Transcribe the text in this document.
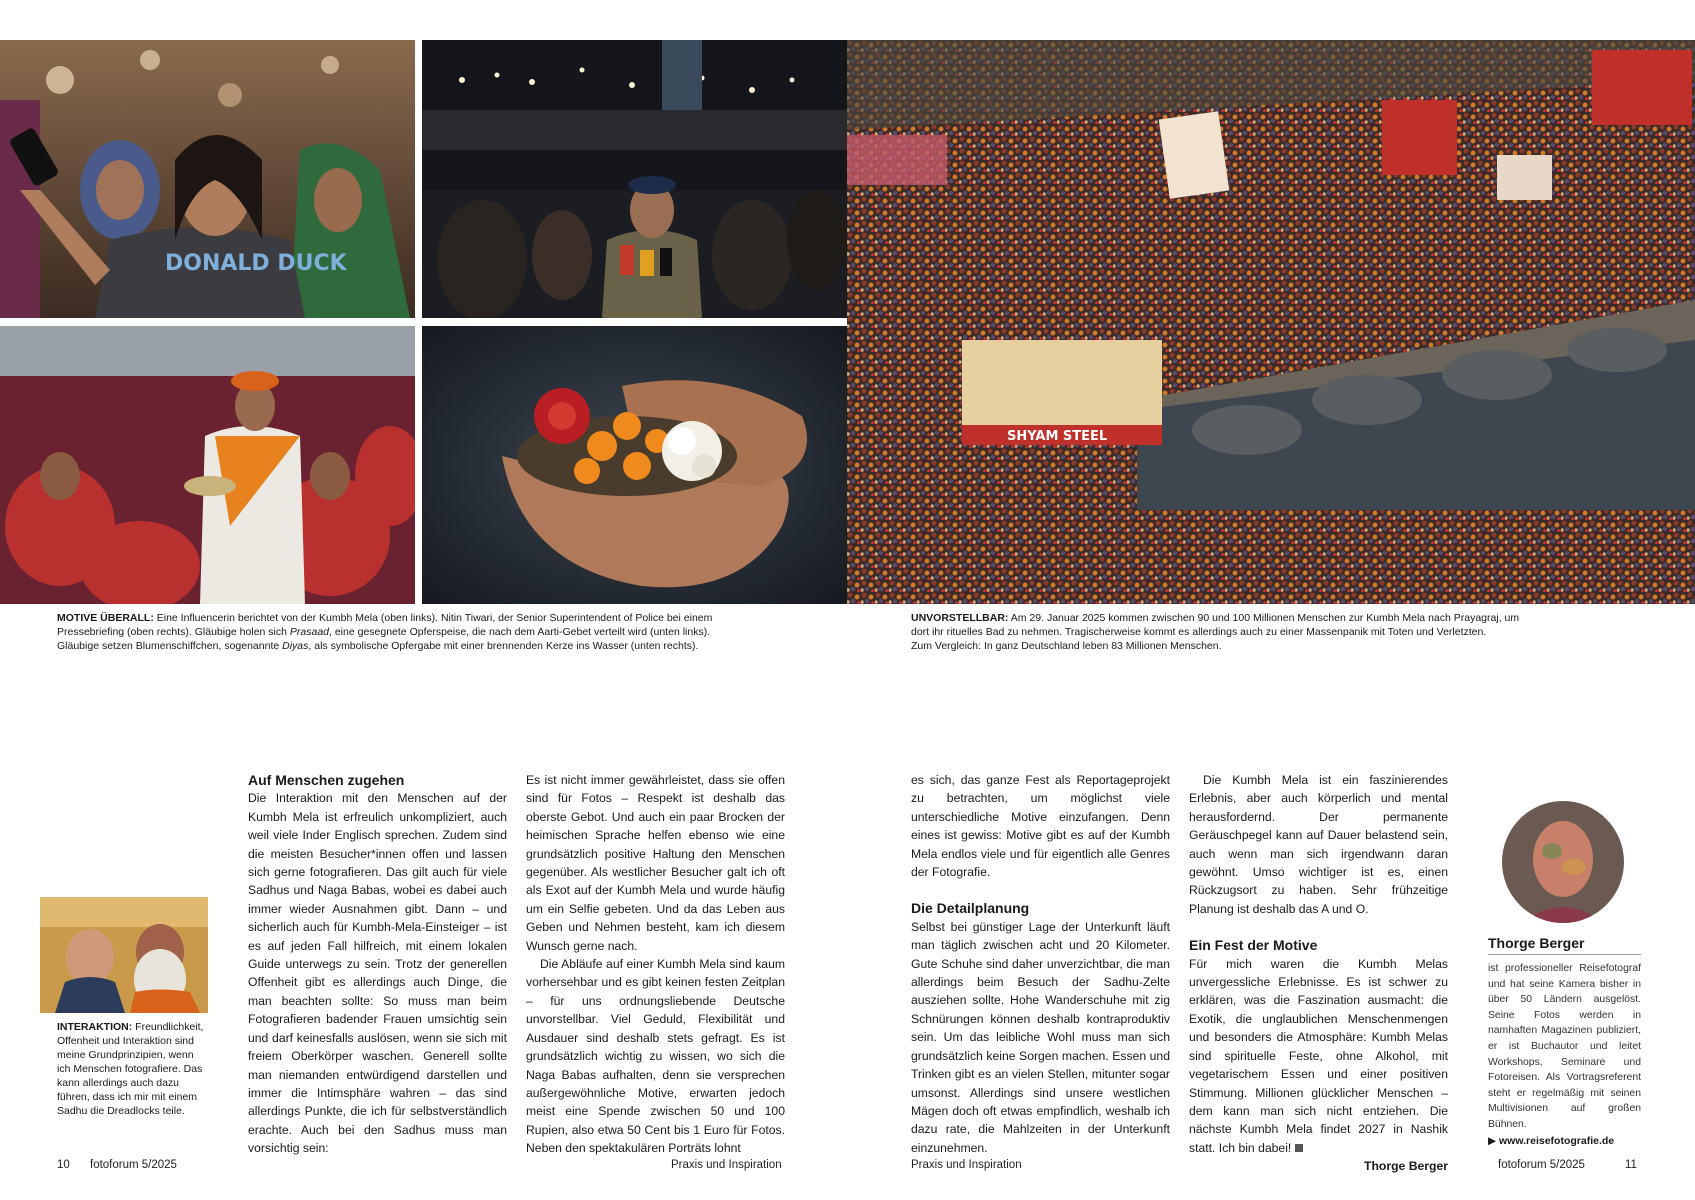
DONALD DUCK
SHYAM STEEL

MOTIVE ÜBERALL: Eine Influencerin berichtet von der Kumbh Mela (oben links). Nitin Tiwari, der Senior Superintendent of Police bei einem

Pressebriefing (oben rechts). Gläubige holen sich Prasaad, eine gesegnete Opferspeise, die nach dem Aarti-Gebet verteilt wird (unten links).

Gläubige setzen Blumenschiffchen, sogenannte Diyas, als symbolische Opfergabe mit einer brennenden Kerze ins Wasser (unten rechts).

UNVORSTELLBAR: Am 29. Januar 2025 kommen zwischen 90 und 100 Millionen Menschen zur Kumbh Mela nach Prayagraj, um

dort ihr rituelles Bad zu nehmen. Tragischerweise kommt es allerdings auch zu einer Massenpanik mit Toten und Verletzten.

Zum Vergleich: In ganz Deutschland leben 83 Millionen Menschen.

INTERAKTION: Freundlichkeit, Offenheit und Interaktion sind meine Grundprinzipien, wenn ich Menschen fotografiere. Das kann allerdings auch dazu führen, dass ich mir mit einem Sadhu die Dreadlocks teile.

Auf Menschen zugehen

Die Interaktion mit den Menschen auf der Kumbh Mela ist erfreulich unkompliziert, auch weil viele Inder Englisch sprechen. Zudem sind die meisten Besucher*innen offen und lassen sich gerne fotografieren. Das gilt auch für viele Sadhus und Naga Babas, wobei es dabei auch immer wieder Ausnahmen gibt. Dann – und sicherlich auch für Kumbh-Mela-Einsteiger – ist es auf jeden Fall hilfreich, mit einem lokalen Guide unterwegs zu sein. Trotz der generellen Offenheit gibt es allerdings auch Dinge, die man beachten sollte: So muss man beim Fotografieren badender Frauen umsichtig sein und darf keinesfalls auslösen, wenn sie sich mit freiem Oberkörper waschen. Generell sollte man niemanden entwürdigend darstellen und immer die Intimsphäre wahren – das sind allerdings Punkte, die ich für selbstverständlich erachte. Auch bei den Sadhus muss man vorsichtig sein:

Es ist nicht immer gewährleistet, dass sie offen sind für Fotos – Respekt ist deshalb das oberste Gebot. Und auch ein paar Brocken der heimischen Sprache helfen ebenso wie eine grundsätzlich positive Haltung den Menschen gegenüber. Als westlicher Besucher galt ich oft als Exot auf der Kumbh Mela und wurde häufig um ein Selfie gebeten. Und da das Leben aus Geben und Nehmen besteht, kam ich diesem Wunsch gerne nach.

Die Abläufe auf einer Kumbh Mela sind kaum vorhersehbar und es gibt keinen festen Zeitplan – für uns ordnungsliebende Deutsche unvorstellbar. Viel Geduld, Flexibilität und Ausdauer sind deshalb stets gefragt. Es ist grundsätzlich wichtig zu wissen, wo sich die Naga Babas aufhalten, denn sie versprechen außergewöhnliche Motive, erwarten jedoch meist eine Spende zwischen 50 und 100 Rupien, also etwa 50 Cent bis 1 Euro für Fotos. Neben den spektakulären Porträts lohnt

es sich, das ganze Fest als Reportageprojekt zu betrachten, um möglichst viele unterschiedliche Motive einzufangen. Denn eines ist gewiss: Motive gibt es auf der Kumbh Mela endlos viele und für eigentlich alle Genres der Fotografie.

Die Detailplanung

Selbst bei günstiger Lage der Unterkunft läuft man täglich zwischen acht und 20 Kilometer. Gute Schuhe sind daher unverzichtbar, die man allerdings beim Besuch der Sadhu-Zelte ausziehen sollte. Hohe Wanderschuhe mit zig Schnürungen können deshalb kontraproduktiv sein. Um das leibliche Wohl muss man sich grundsätzlich keine Sorgen machen. Essen und Trinken gibt es an vielen Stellen, mitunter sogar umsonst. Allerdings sind unsere westlichen Mägen doch oft etwas empfindlich, weshalb ich dazu rate, die Mahlzeiten in der Unterkunft einzunehmen.

Die Kumbh Mela ist ein faszinierendes Erlebnis, aber auch körperlich und mental herausfordernd. Der permanente Geräuschpegel kann auf Dauer belastend sein, auch wenn man sich irgendwann daran gewöhnt. Umso wichtiger ist es, einen Rückzugsort zu haben. Sehr frühzeitige Planung ist deshalb das A und O.

Ein Fest der Motive

Für mich waren die Kumbh Melas unvergessliche Erlebnisse. Es ist schwer zu erklären, was die Faszination ausmacht: die Exotik, die unglaublichen Menschenmengen und besonders die Atmosphäre: Kumbh Melas sind spirituelle Feste, ohne Alkohol, mit vegetarischem Essen und einer positiven Stimmung. Millionen glücklicher Menschen – dem kann man sich nicht entziehen. Die nächste Kumbh Mela findet 2027 in Nashik statt. Ich bin dabei!

Thorge Berger

Thorge Berger
ist professioneller Reisefotograf und hat seine Kamera bisher in über 50 Ländern ausgelöst. Seine Fotos werden in namhaften Magazinen publiziert, er ist Buchautor und leitet Workshops, Seminare und Fotoreisen. Als Vortragsreferent steht er regelmäßig mit seinen Multivisionen auf großen Bühnen.
▶ www.reisefotografie.de
10 fotoforum 5/2025	Praxis und Inspiration	Praxis und Inspiration	fotoforum 5/2025	11
